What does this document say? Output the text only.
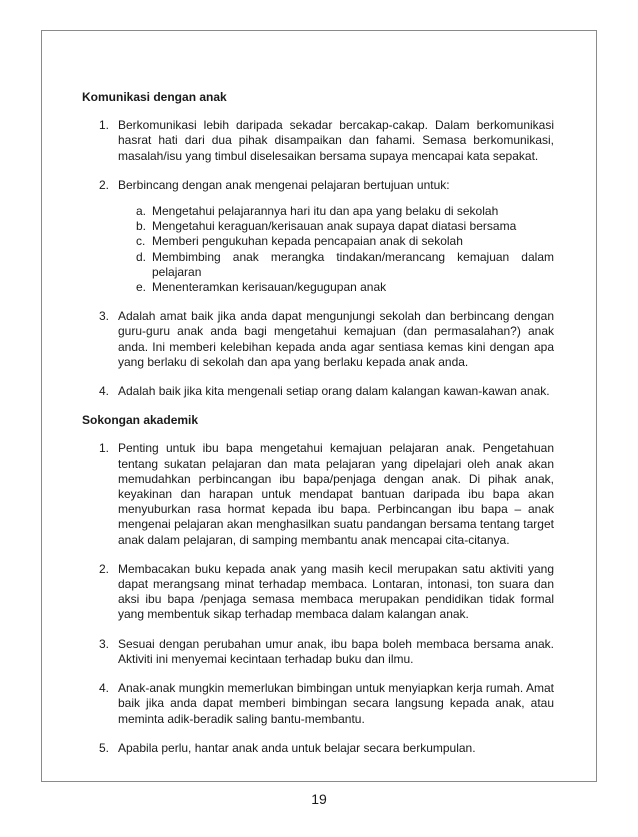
Komunikasi dengan anak

1. Berkomunikasi lebih daripada sekadar bercakap-cakap. Dalam berkomunikasi hasrat hati dari dua pihak disampaikan dan fahami. Semasa berkomunikasi, masalah/isu yang timbul diselesaikan bersama supaya mencapai kata sepakat.
2. Berbincang dengan anak mengenai pelajaran bertujuan untuk:
a. Mengetahui pelajarannya hari itu dan apa yang belaku di sekolah
b. Mengetahui keraguan/kerisauan anak supaya dapat diatasi bersama
c. Memberi pengukuhan kepada pencapaian anak di sekolah
d. Membimbing anak merangka tindakan/merancang kemajuan dalam pelajaran
e. Menenteramkan kerisauan/kegugupan anak
3. Adalah amat baik jika anda dapat mengunjungi sekolah dan berbincang dengan guru-guru anak anda bagi mengetahui kemajuan (dan permasalahan?) anak anda. Ini memberi kelebihan kepada anda agar sentiasa kemas kini dengan apa yang berlaku di sekolah dan apa yang berlaku kepada anak anda.
4. Adalah baik jika kita mengenali setiap orang dalam kalangan kawan-kawan anak.

Sokongan akademik

1. Penting untuk ibu bapa mengetahui kemajuan pelajaran anak. Pengetahuan tentang sukatan pelajaran dan mata pelajaran yang dipelajari oleh anak akan memudahkan perbincangan ibu bapa/penjaga dengan anak. Di pihak anak, keyakinan dan harapan untuk mendapat bantuan daripada ibu bapa akan menyuburkan rasa hormat kepada ibu bapa. Perbincangan ibu bapa – anak mengenai pelajaran akan menghasilkan suatu pandangan bersama tentang target anak dalam pelajaran, di samping membantu anak mencapai cita-citanya.
2. Membacakan buku kepada anak yang masih kecil merupakan satu aktiviti yang dapat merangsang minat terhadap membaca. Lontaran, intonasi, ton suara dan aksi ibu bapa /penjaga semasa membaca merupakan pendidikan tidak formal yang membentuk sikap terhadap membaca dalam kalangan anak.
3. Sesuai dengan perubahan umur anak, ibu bapa boleh membaca bersama anak. Aktiviti ini menyemai kecintaan terhadap buku dan ilmu.
4. Anak-anak mungkin memerlukan bimbingan untuk menyiapkan kerja rumah. Amat baik jika anda dapat memberi bimbingan secara langsung kepada anak, atau meminta adik-beradik saling bantu-membantu.
5. Apabila perlu, hantar anak anda untuk belajar secara berkumpulan.
19
